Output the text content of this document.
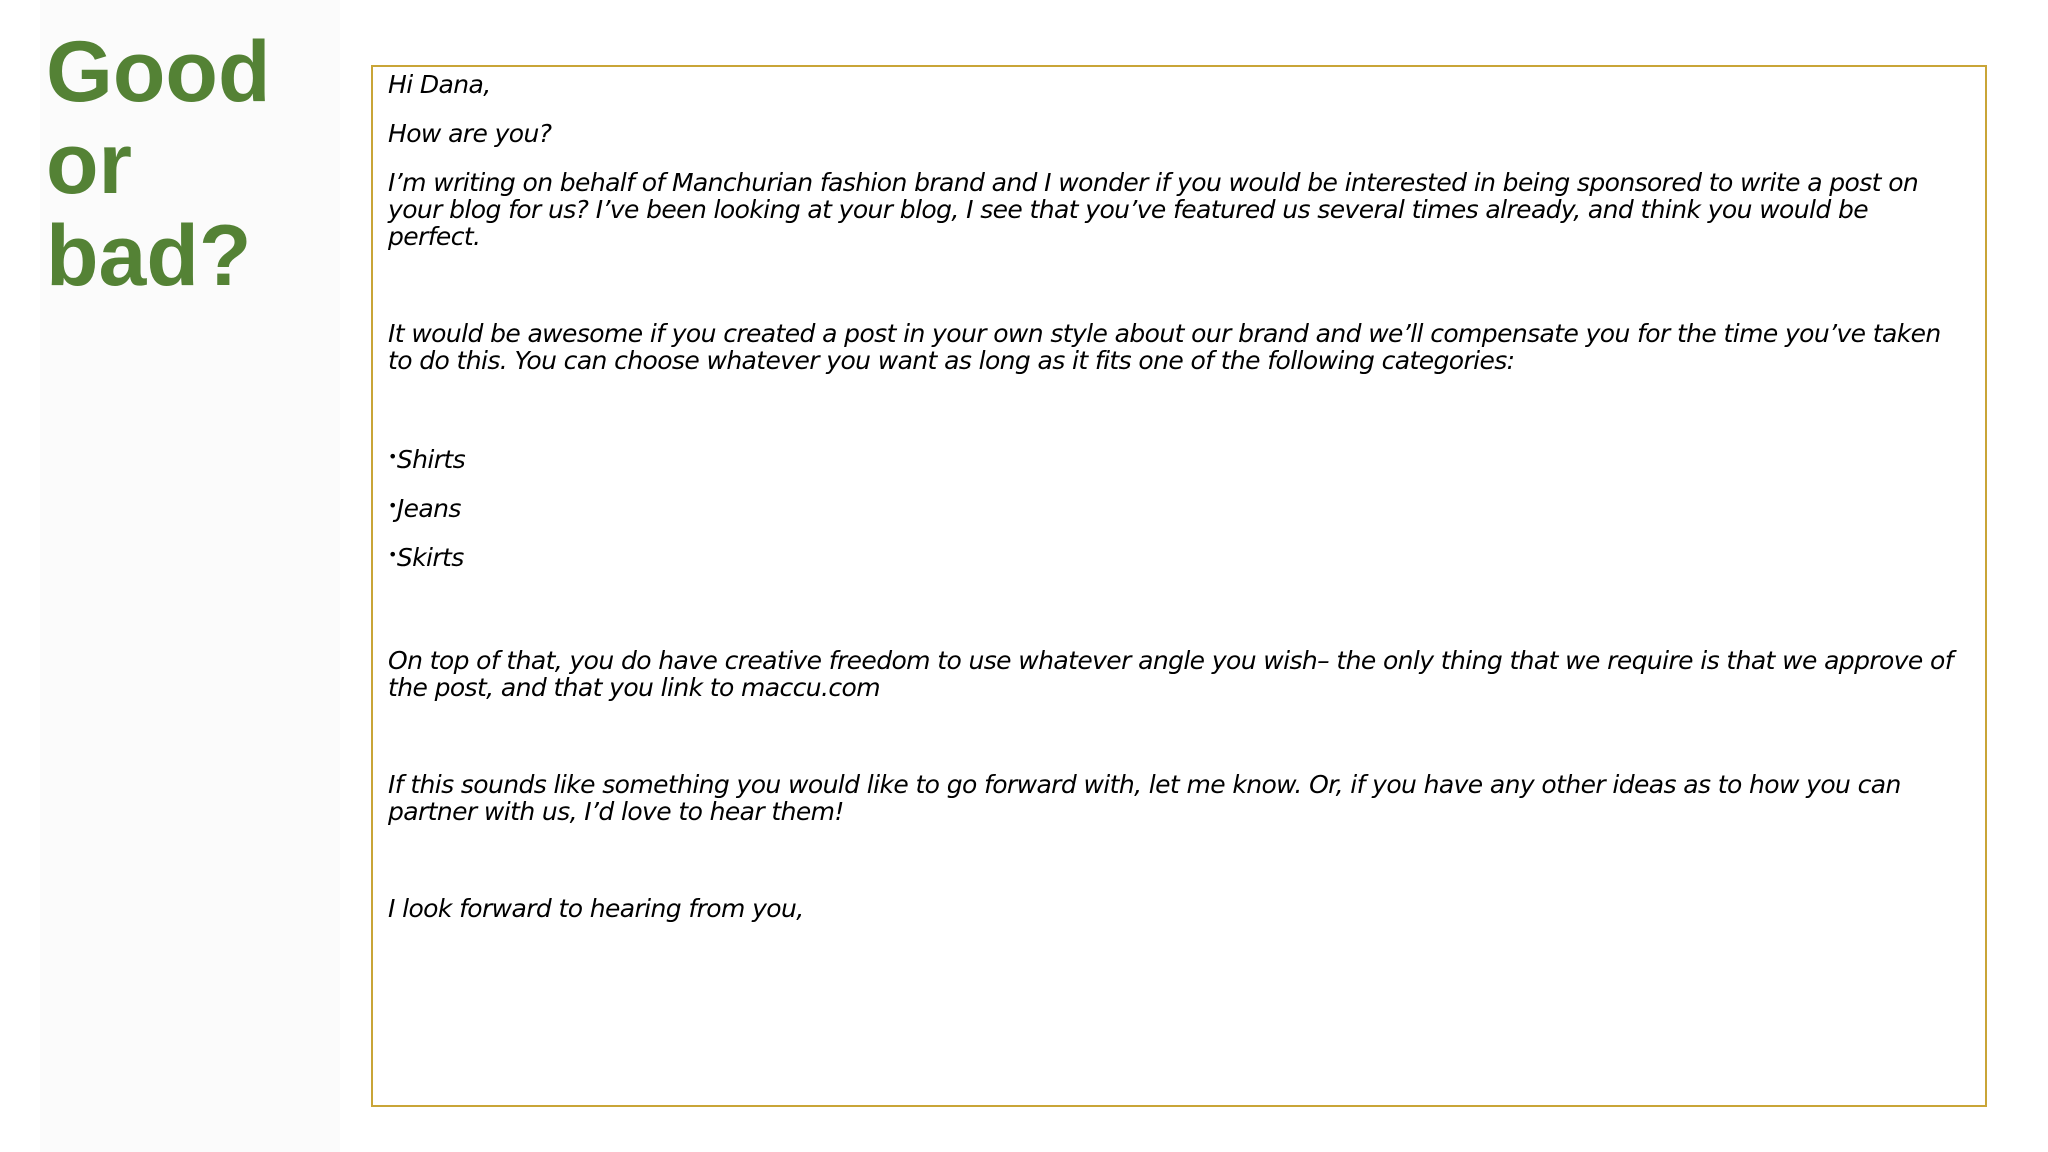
Good
or
bad?

Hi Dana,

How are you?

I’m writing on behalf of Manchurian fashion brand and I wonder if you would be interested in being sponsored to write a post on your blog for us? I’ve been looking at your blog, I see that you’ve featured us several times already, and think you would be perfect.

It would be awesome if you created a post in your own style about our brand and we’ll compensate you for the time you’ve taken to do this. You can choose whatever you want as long as it fits one of the following categories:

•Shirts

•Jeans

•Skirts

On top of that, you do have creative freedom to use whatever angle you wish– the only thing that we require is that we approve of the post, and that you link to maccu.com

If this sounds like something you would like to go forward with, let me know. Or, if you have any other ideas as to how you can partner with us, I’d love to hear them!

I look forward to hearing from you,
